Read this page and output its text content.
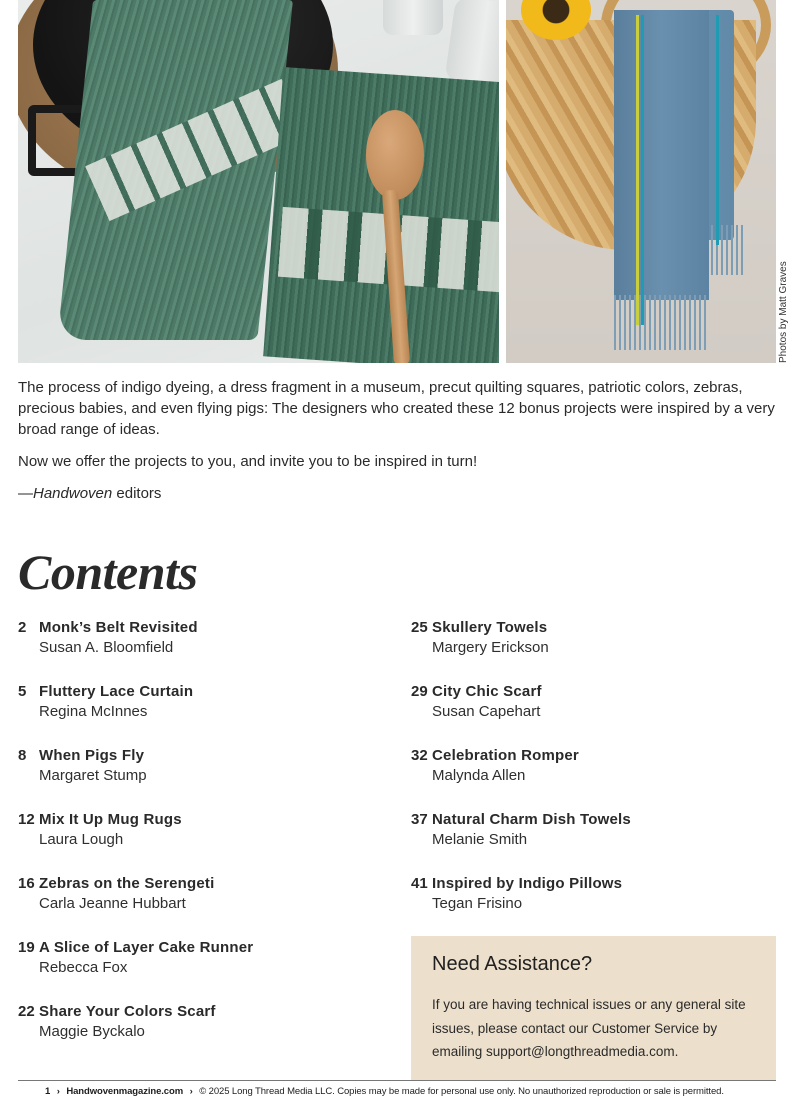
Photos by Matt Graves

The process of indigo dyeing, a dress fragment in a museum, precut quilting squares, patriotic colors, zebras, precious babies, and even flying pigs: The designers who created these 12 bonus projects were inspired by a very broad range of ideas.

Now we offer the projects to you, and invite you to be inspired in turn!

—Handwoven editors

Contents
2 Monk’s Belt Revisited
Susan A. Bloomfield
5 Fluttery Lace Curtain
Regina McInnes
8 When Pigs Fly
Margaret Stump
12 Mix It Up Mug Rugs
Laura Lough
16 Zebras on the Serengeti
Carla Jeanne Hubbart
19 A Slice of Layer Cake Runner
Rebecca Fox
22 Share Your Colors Scarf
Maggie Byckalo
25 Skullery Towels
Margery Erickson
29 City Chic Scarf
Susan Capehart
32 Celebration Romper
Malynda Allen
37 Natural Charm Dish Towels
Melanie Smith
41 Inspired by Indigo Pillows
Tegan Frisino
Need Assistance?
If you are having technical issues or any general site issues, please contact our Customer Service by emailing support@longthreadmedia.com.
1 › Handwovenmagazine.com › © 2025 Long Thread Media LLC. Copies may be made for personal use only. No unauthorized reproduction or sale is permitted.
